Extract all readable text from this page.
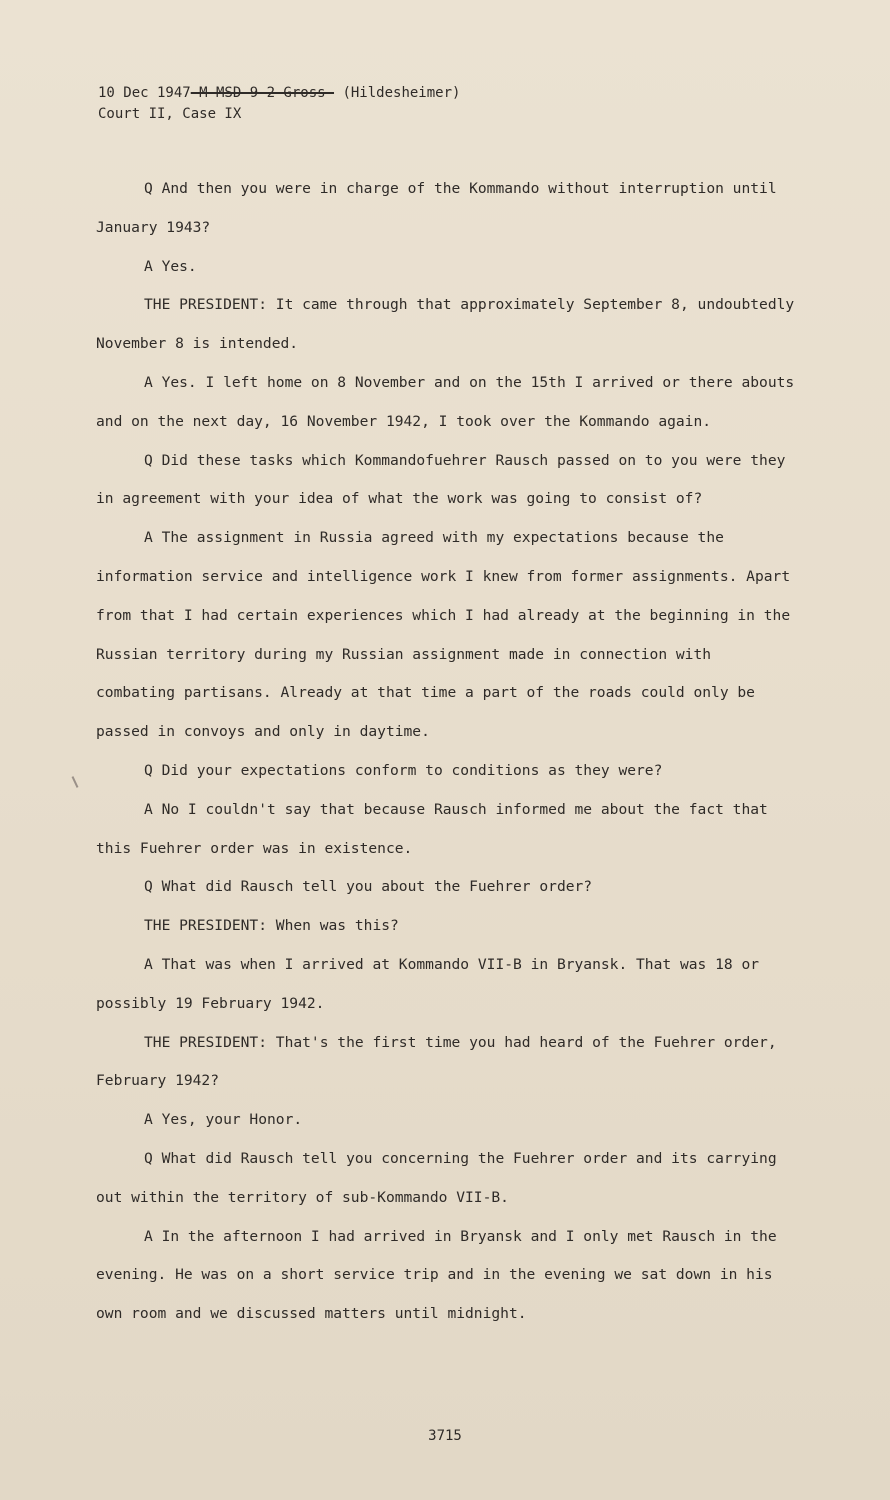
10 Dec 1947-M-MSD-9-2-Gross- (Hildesheimer)
Court II, Case IX

Q And then you were in charge of the Kommando without interruption until January 1943?

A Yes.

THE PRESIDENT: It came through that approximately September 8, undoubtedly November 8 is intended.

A Yes. I left home on 8 November and on the 15th I arrived or there abouts and on the next day, 16 November 1942, I took over the Kommando again.

Q Did these tasks which Kommandofuehrer Rausch passed on to you were they in agreement with your idea of what the work was going to consist of?

A The assignment in Russia agreed with my expectations because the information service and intelligence work I knew from former assignments. Apart from that I had certain experiences which I had already at the beginning in the Russian territory during my Russian assignment made in connection with combating partisans. Already at that time a part of the roads could only be passed in convoys and only in daytime.

Q Did your expectations conform to conditions as they were?

A No I couldn't say that because Rausch informed me about the fact that this Fuehrer order was in existence.

Q What did Rausch tell you about the Fuehrer order?

THE PRESIDENT: When was this?

A That was when I arrived at Kommando VII-B in Bryansk. That was 18 or possibly 19 February 1942.

THE PRESIDENT: That's the first time you had heard of the Fuehrer order, February 1942?

A Yes, your Honor.

Q What did Rausch tell you concerning the Fuehrer order and its carrying out within the territory of sub-Kommando VII-B.

A In the afternoon I had arrived in Bryansk and I only met Rausch in the evening. He was on a short service trip and in the evening we sat down in his own room and we discussed matters until midnight.

3715
